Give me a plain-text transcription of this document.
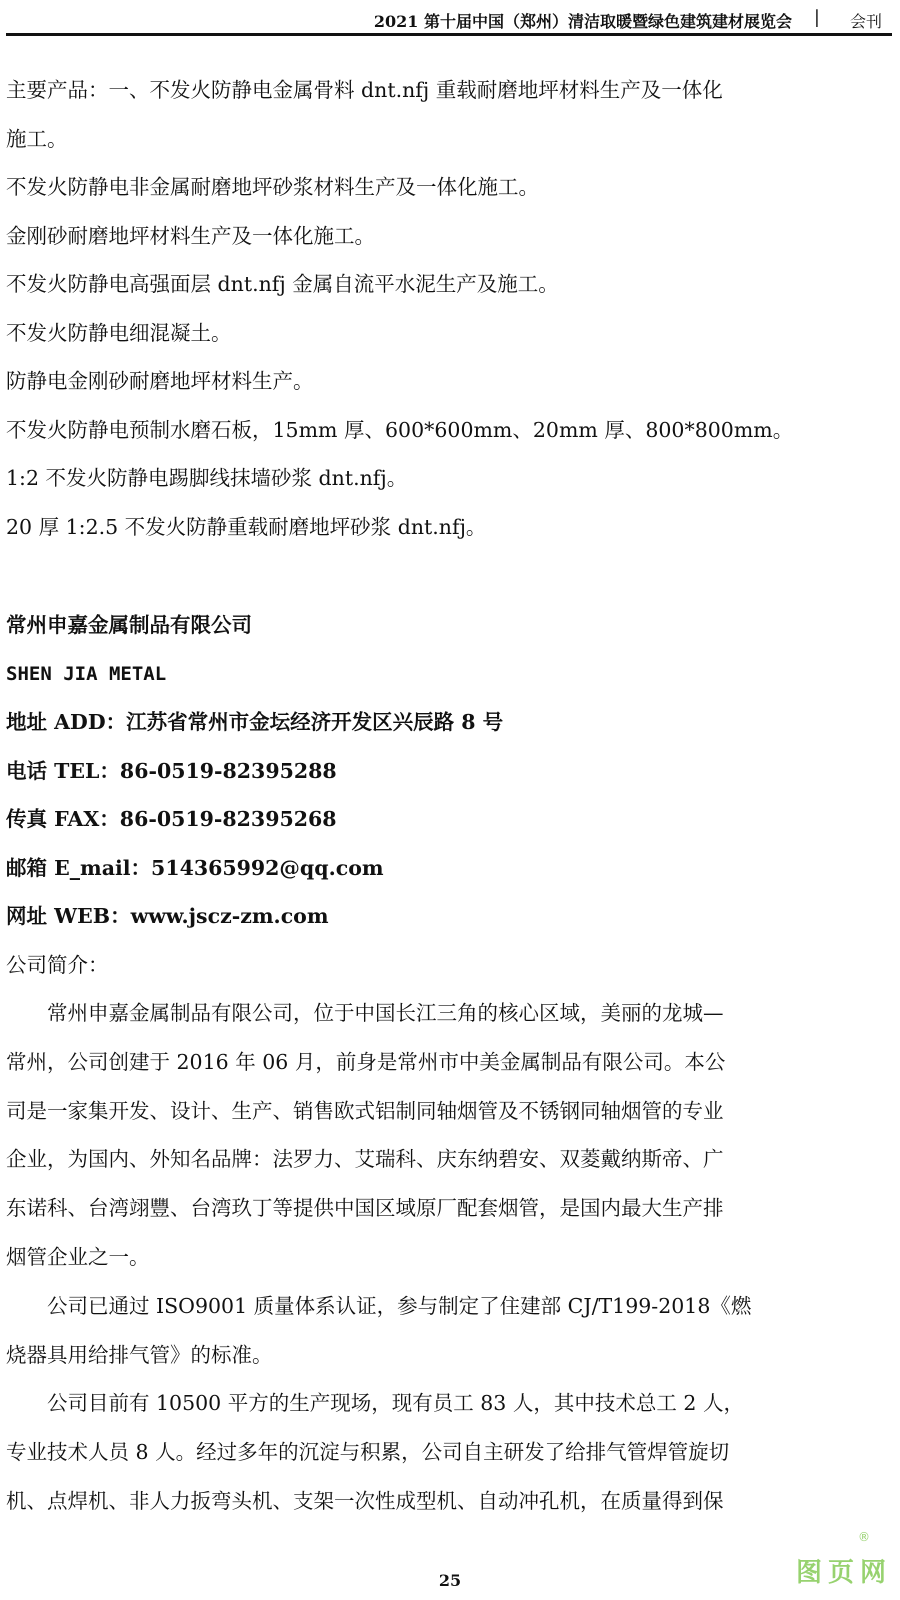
2021 第十届中国（郑州）清洁取暖暨绿色建筑建材展览会 | 会刊
主要产品：一、不发火防静电金属骨料 dnt.nfj 重载耐磨地坪材料生产及一体化
施工。
不发火防静电非金属耐磨地坪砂浆材料生产及一体化施工。
金刚砂耐磨地坪材料生产及一体化施工。
不发火防静电高强面层 dnt.nfj 金属自流平水泥生产及施工。
不发火防静电细混凝土。
防静电金刚砂耐磨地坪材料生产。
不发火防静电预制水磨石板，15mm 厚、600*600mm、20mm 厚、800*800mm。
1:2 不发火防静电踢脚线抹墙砂浆 dnt.nfj。
20 厚 1:2.5 不发火防静重载耐磨地坪砂浆 dnt.nfj。
常州申嘉金属制品有限公司
SHEN JIA METAL
地址 ADD：江苏省常州市金坛经济开发区兴辰路 8 号
电话 TEL：86-0519-82395288
传真 FAX：86-0519-82395268
邮箱 E_mail：514365992@qq.com
网址 WEB：www.jscz-zm.com
公司简介：
　　常州申嘉金属制品有限公司，位于中国长江三角的核心区域，美丽的龙城—
常州，公司创建于 2016 年 06 月，前身是常州市中美金属制品有限公司。本公
司是一家集开发、设计、生产、销售欧式铝制同轴烟管及不锈钢同轴烟管的专业
企业，为国内、外知名品牌：法罗力、艾瑞科、庆东纳碧安、双菱戴纳斯帝、广
东诺科、台湾翊豐、台湾玖丁等提供中国区域原厂配套烟管，是国内最大生产排
烟管企业之一。
　　公司已通过 ISO9001 质量体系认证，参与制定了住建部 CJ/T199-2018《燃
烧器具用给排气管》的标准。
　　公司目前有 10500 平方的生产现场，现有员工 83 人，其中技术总工 2 人，
专业技术人员 8 人。经过多年的沉淀与积累，公司自主研发了给排气管焊管旋切
机、点焊机、非人力扳弯头机、支架一次性成型机、自动冲孔机，在质量得到保
25
®
图页网
